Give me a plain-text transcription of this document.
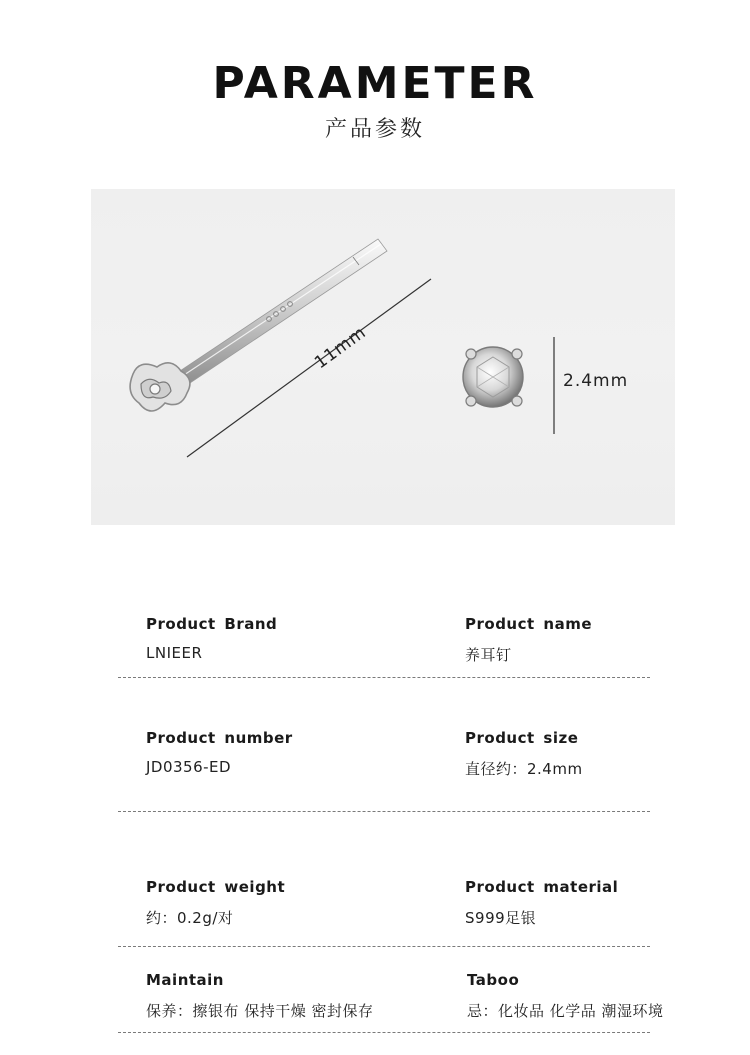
PARAMETER
产品参数
11mm
2.4mm
Product Brand
LNIEER
Product name
养耳钉
Product number
JD0356-ED
Product size
直径约：2.4mm
Product weight
约：0.2g/对
Product material
S999足银
Maintain
保养：擦银布 保持干燥 密封保存
Taboo
忌：化妆品 化学品 潮湿环境
